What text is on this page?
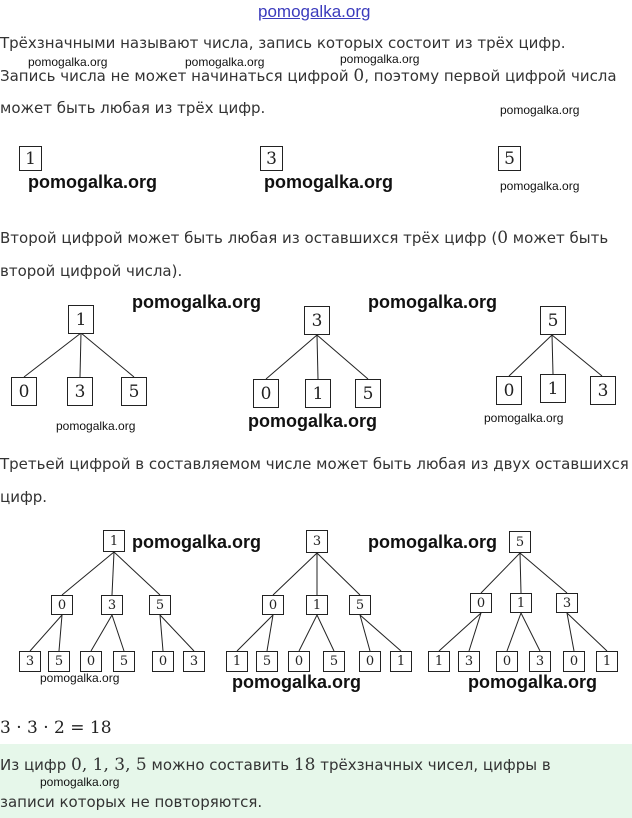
pomogalka.org
Трёхзначными называют числа, запись которых состоит из трёх цифр.
Запись числа не может начинаться цифрой 0, поэтому первой цифрой числа
может быть любая из трёх цифр.
1	3	5
Второй цифрой может быть любая из оставшихся трёх цифр (0 может быть
второй цифрой числа).
1
0	3	5
3
0	1	5
5
0	1	3
Третьей цифрой в составляемом числе может быть любая из двух оставшихся
цифр.
1
0	3	5
3	5	0	5	0	3
3
0	1	5
1	5	0	5	0	1
5
0	1	3
1	3	0	3	0	1
3 · 3 · 2 = 18
Из цифр 0, 1, 3, 5 можно составить 18 трёхзначных чисел, цифры в
записи которых не повторяются.
pomogalka.org	pomogalka.org	pomogalka.org
pomogalka.org
pomogalka.org	pomogalka.org	pomogalka.org
pomogalka.org	pomogalka.org
pomogalka.org
pomogalka.org	pomogalka.org
pomogalka.org	pomogalka.org
pomogalka.org	pomogalka.org	pomogalka.org
pomogalka.org
